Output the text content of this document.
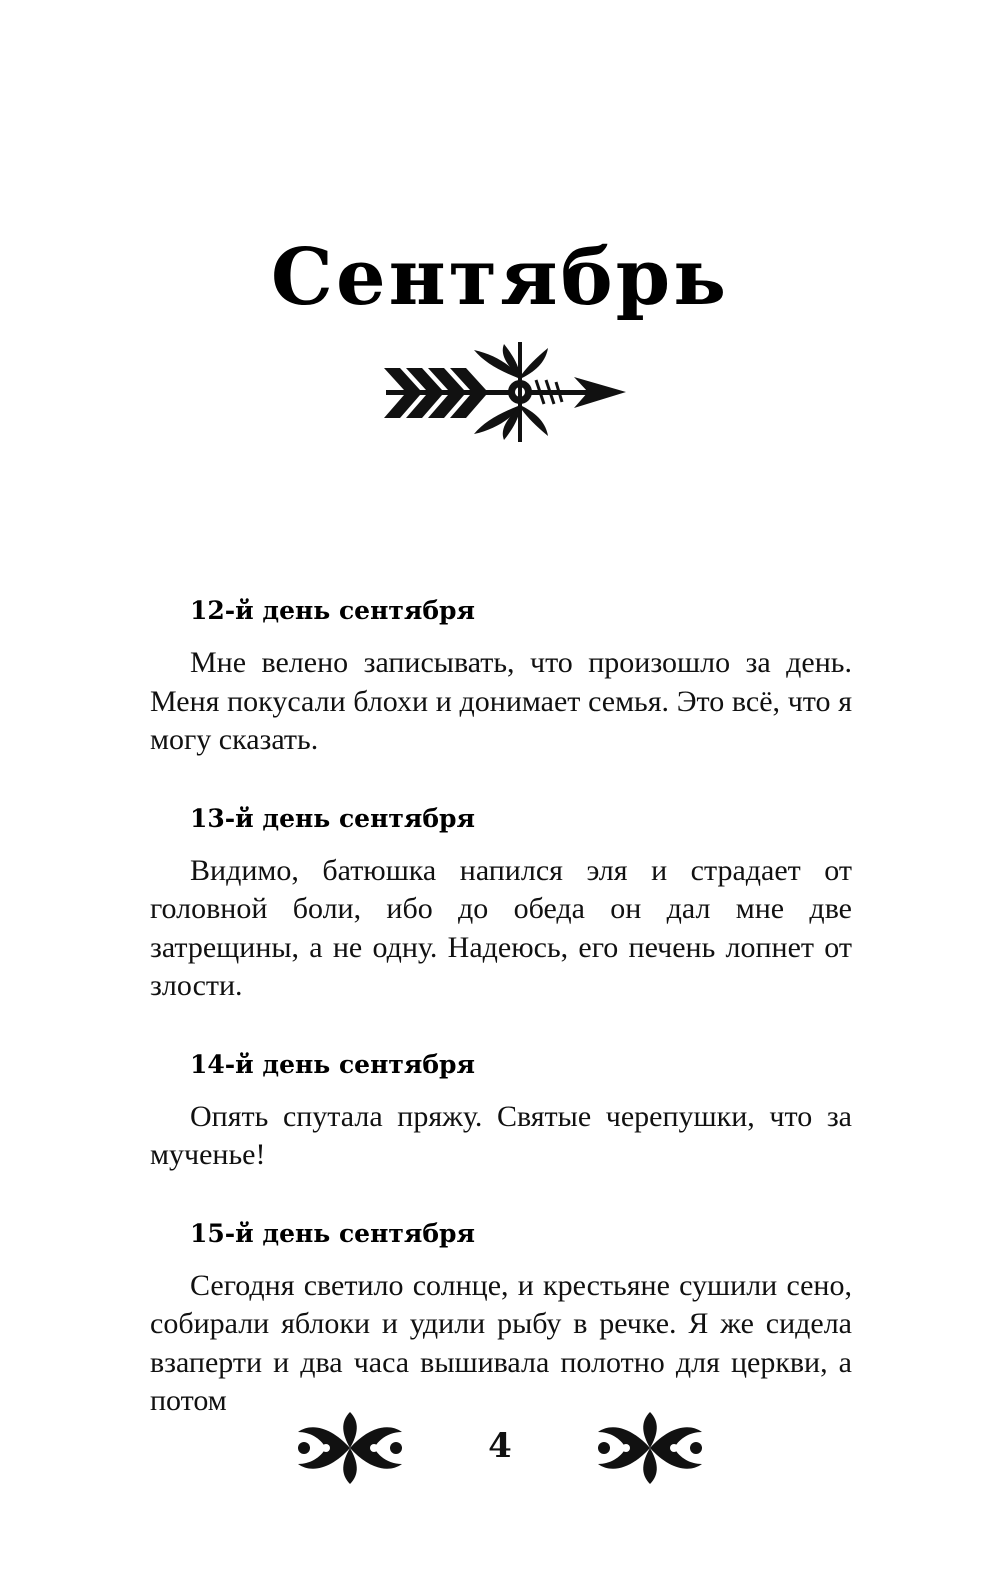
Сентябрь
12-й день сентября

Мне велено записывать, что произошло за день. Меня покусали блохи и донимает семья. Это всё, что я могу сказать.

13-й день сентября

Видимо, батюшка напился эля и страдает от головной боли, ибо до обеда он дал мне две затрещины, а не одну. Надеюсь, его печень лопнет от злости.

14-й день сентября

Опять спутала пряжу. Святые черепушки, что за мученье!

15-й день сентября

Сегодня светило солнце, и крестьяне сушили сено, собирали яблоки и удили рыбу в речке. Я же сидела взаперти и два часа вышивала полотно для церкви, а потом

4
